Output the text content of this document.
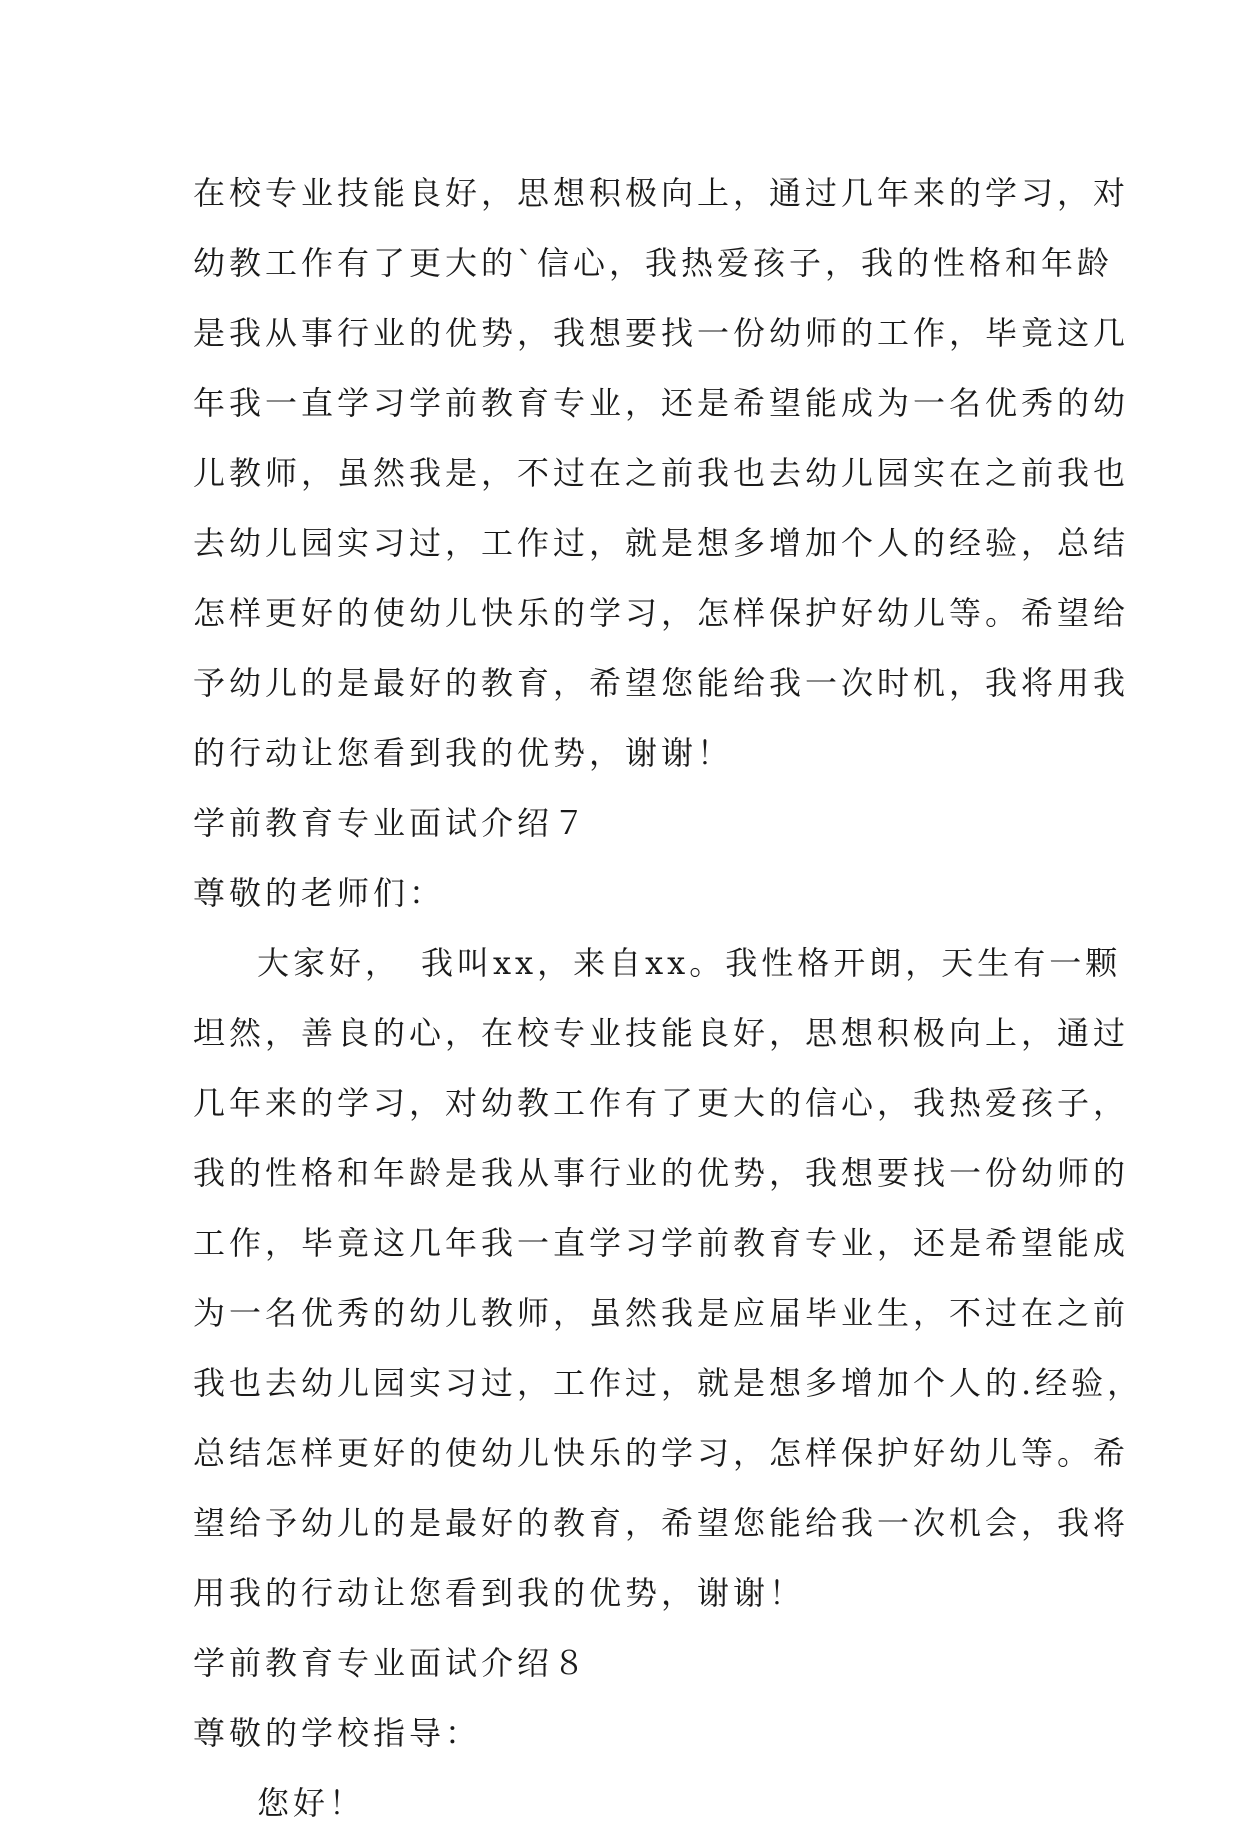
在校专业技能良好，思想积极向上，通过几年来的学习，对
幼教工作有了更大的`信心，我热爱孩子，我的性格和年龄
是我从事行业的优势，我想要找一份幼师的工作，毕竟这几
年我一直学习学前教育专业，还是希望能成为一名优秀的幼
儿教师，虽然我是，不过在之前我也去幼儿园实在之前我也
去幼儿园实习过，工作过，就是想多增加个人的经验，总结
怎样更好的使幼儿快乐的学习，怎样保护好幼儿等。希望给
予幼儿的是最好的教育，希望您能给我一次时机，我将用我
的行动让您看到我的优势，谢谢！
学前教育专业面试介绍７
尊敬的老师们：
大家好，　我叫xx，来自xx。我性格开朗，天生有一颗
坦然，善良的心，在校专业技能良好，思想积极向上，通过
几年来的学习，对幼教工作有了更大的信心，我热爱孩子，
我的性格和年龄是我从事行业的优势，我想要找一份幼师的
工作，毕竟这几年我一直学习学前教育专业，还是希望能成
为一名优秀的幼儿教师，虽然我是应届毕业生，不过在之前
我也去幼儿园实习过，工作过，就是想多增加个人的.经验，
总结怎样更好的使幼儿快乐的学习，怎样保护好幼儿等。希
望给予幼儿的是最好的教育，希望您能给我一次机会，我将
用我的行动让您看到我的优势，谢谢！
学前教育专业面试介绍８
尊敬的学校指导：
您好！
